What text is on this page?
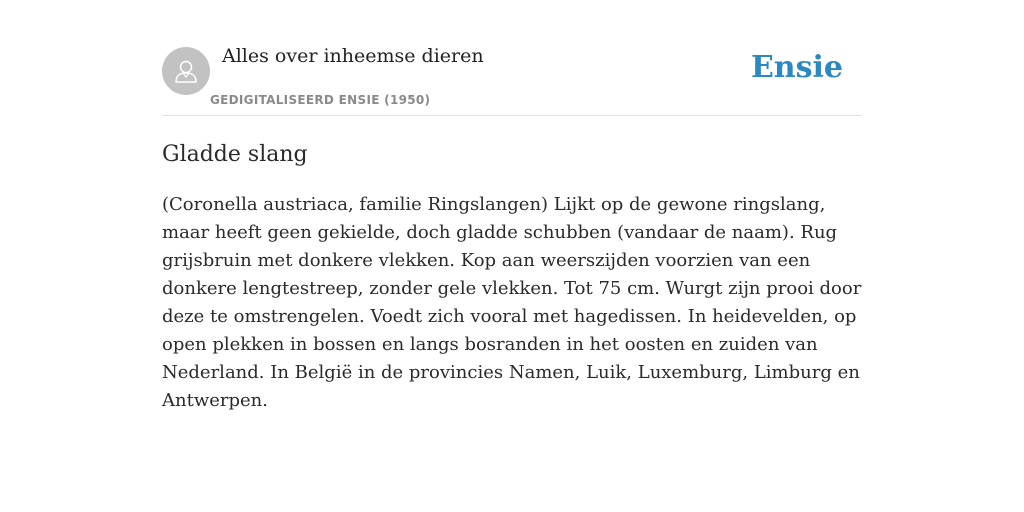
Alles over inheemse dieren
GEDIGITALISEERD ENSIE (1950)
Ensie
Gladde slang

(Coronella austriaca, familie Ringslangen) Lijkt op de gewone ringslang, maar heeft geen gekielde, doch gladde schubben (vandaar de naam). Rug grijsbruin met donkere vlekken. Kop aan weerszijden voorzien van een donkere lengtestreep, zonder gele vlekken. Tot 75 cm. Wurgt zijn prooi door deze te omstrengelen. Voedt zich vooral met hagedissen. In heidevelden, op open plekken in bossen en langs bosranden in het oosten en zuiden van Nederland. In België in de provincies Namen, Luik, Luxemburg, Limburg en Antwerpen.
